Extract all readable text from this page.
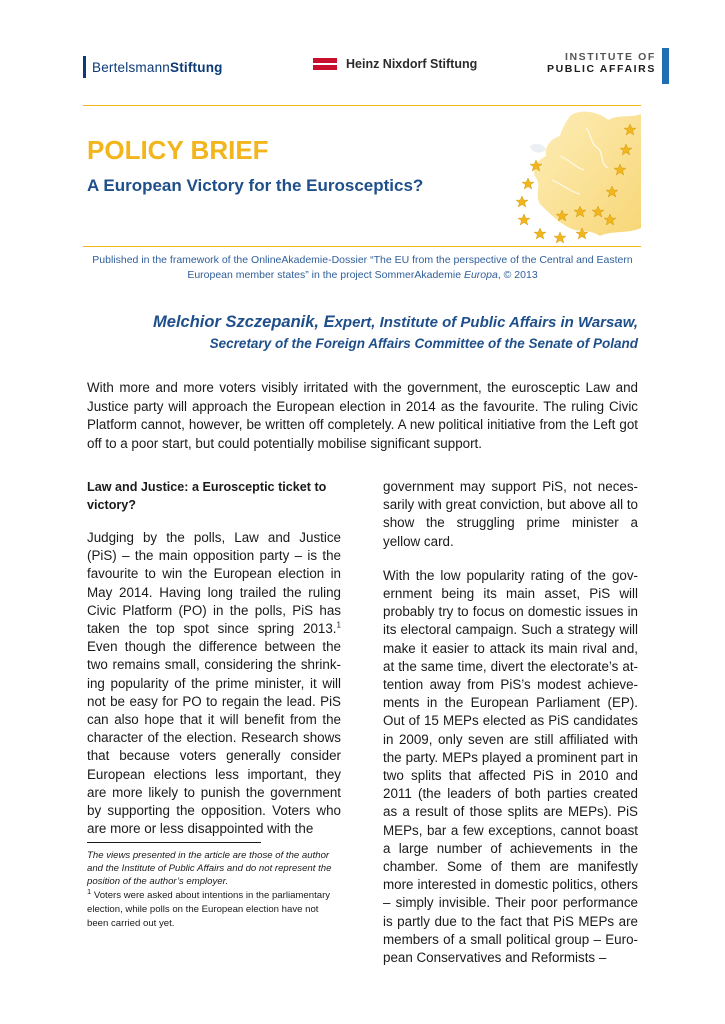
BertelsmannStiftung	Heinz Nixdorf Stiftung	INSTITUTE OF
PUBLIC AFFAIRS
POLICY BRIEF
A European Victory for the Eurosceptics?
Published in the framework of the OnlineAkademie-Dossier “The EU from the perspective of the Central and Eastern European member states” in the project SommerAkademie Europa, © 2013
Melchior Szczepanik, Expert, Institute of Public Affairs in Warsaw,
Secretary of the Foreign Affairs Committee of the Senate of Poland
With more and more voters visibly irritated with the government, the eurosceptic Law and Justice party will approach the European election in 2014 as the favourite. The ruling Civic Platform cannot, however, be written off completely. A new political initiative from the Left got off to a poor start, but could potentially mobilise significant support.

Law and Justice: a Eurosceptic ticket to victory?

Judging by the polls, Law and Justice (PiS) – the main opposition party – is the favourite to win the European election in May 2014. Having long trailed the ruling Civic Platform (PO) in the polls, PiS has taken the top spot since spring 2013.$^1$ Even though the difference between the two remains small, considering the shrink-ing popularity of the prime minister, it will not be easy for PO to regain the lead. PiS can also hope that it will benefit from the character of the election. Research shows that because voters generally consider European elections less important, they are more likely to punish the government by supporting the opposition. Voters who are more or less disappointed with the

government may support PiS, not neces-sarily with great conviction, but above all to show the struggling prime minister a yellow card.

With the low popularity rating of the gov-ernment being its main asset, PiS will probably try to focus on domestic issues in its electoral campaign. Such a strategy will make it easier to attack its main rival and, at the same time, divert the electorate’s at-tention away from PiS’s modest achieve-ments in the European Parliament (EP). Out of 15 MEPs elected as PiS candidates in 2009, only seven are still affiliated with the party. MEPs played a prominent part in two splits that affected PiS in 2010 and 2011 (the leaders of both parties created as a result of those splits are MEPs). PiS MEPs, bar a few exceptions, cannot boast a large number of achievements in the chamber. Some of them are manifestly more interested in domestic politics, others – simply invisible. Their poor performance is partly due to the fact that PiS MEPs are members of a small political group – Euro-pean Conservatives and Reformists –

The views presented in the article are those of the author and the Institute of Public Affairs and do not represent the position of the author’s employer.
$^1$ Voters were asked about intentions in the parliamentary election, while polls on the European election have not been carried out yet.
